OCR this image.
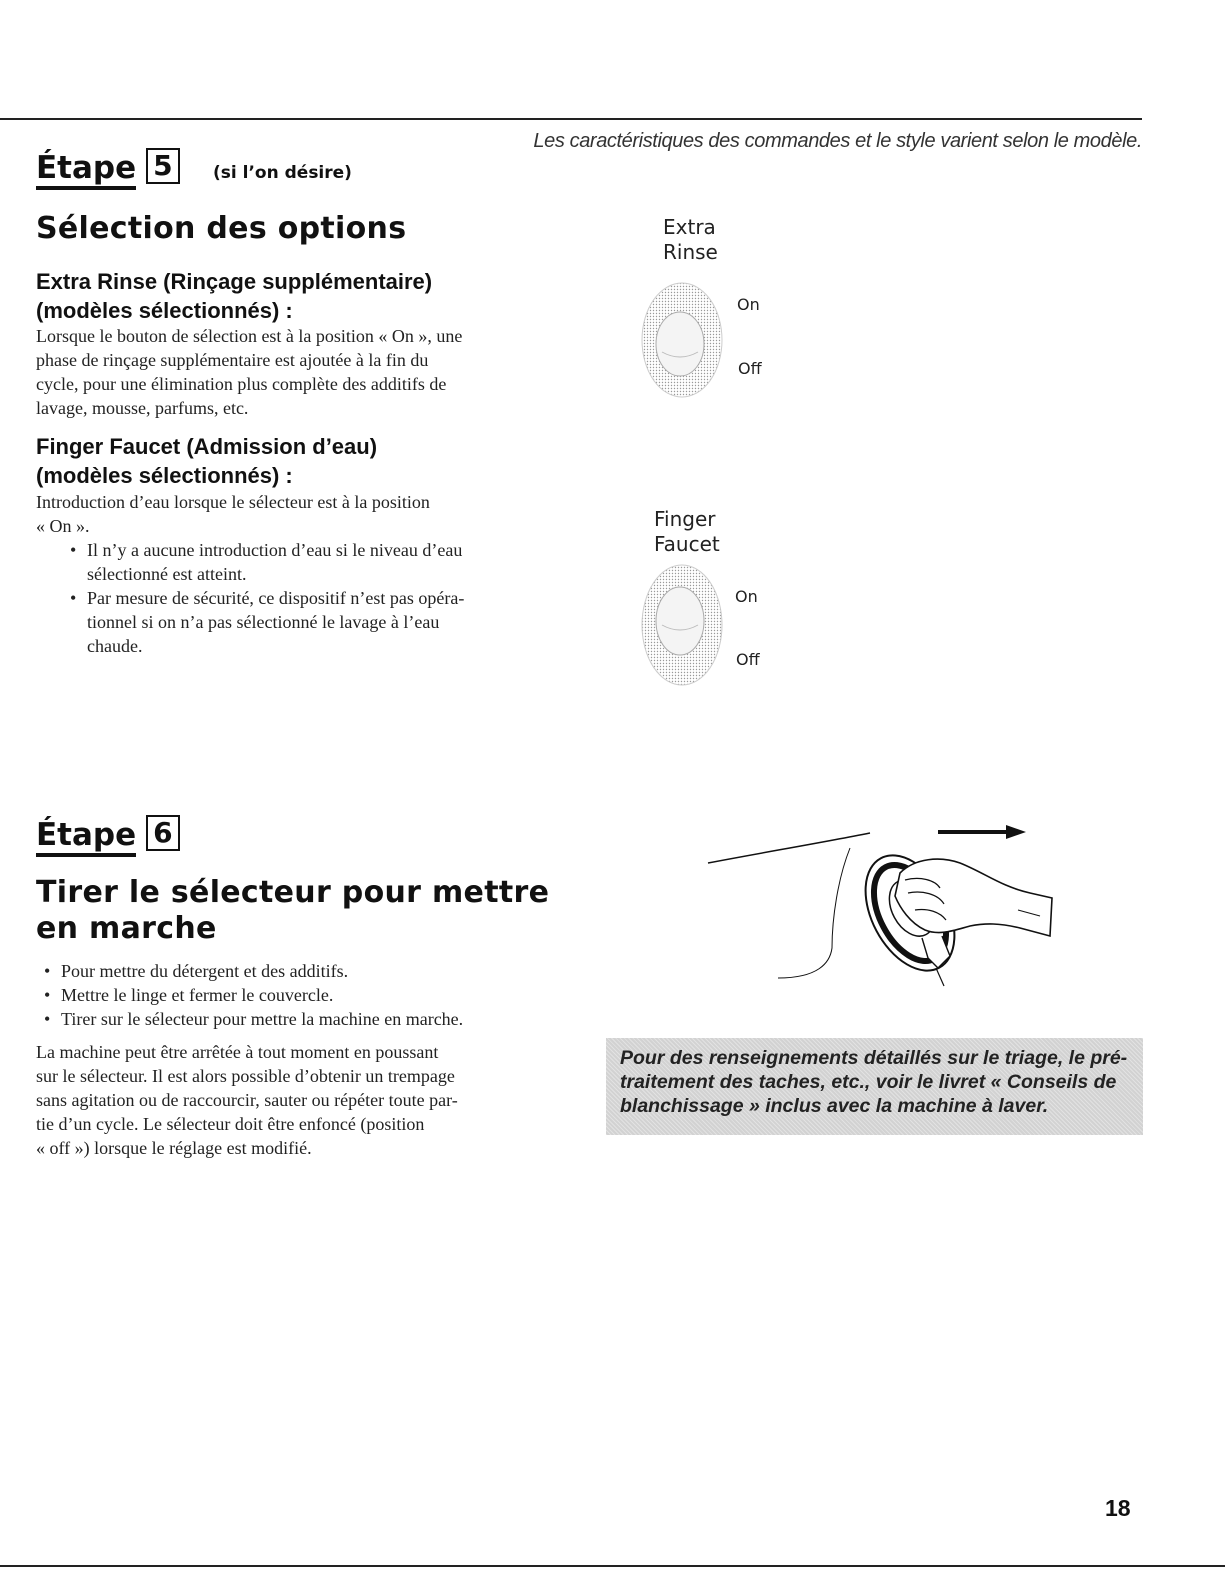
Les caractéristiques des commandes et le style varient selon le modèle.
Étape 5	(si l’on désire)
Sélection des options
Extra Rinse (Rinçage supplémentaire)
(modèles sélectionnés) :
Lorsque le bouton de sélection est à la position « On », une
phase de rinçage supplémentaire est ajoutée à la fin du
cycle, pour une élimination plus complète des additifs de
lavage, mousse, parfums, etc.
Finger Faucet (Admission d’eau)
(modèles sélectionnés) :
Introduction d’eau lorsque le sélecteur est à la position
« On ».
• Il n’y a aucune introduction d’eau si le niveau d’eau
sélectionné est atteint.
• Par mesure de sécurité, ce dispositif n’est pas opéra-
tionnel si on n’a pas sélectionné le lavage à l’eau
chaude.
Extra
Rinse
On
Off
Finger
Faucet
On
Off
Étape 6
Tirer le sélecteur pour mettre
en marche
• Pour mettre du détergent et des additifs.
• Mettre le linge et fermer le couvercle.
• Tirer sur le sélecteur pour mettre la machine en marche.
La machine peut être arrêtée à tout moment en poussant
sur le sélecteur. Il est alors possible d’obtenir un trempage
sans agitation ou de raccourcir, sauter ou répéter toute par-
tie d’un cycle. Le sélecteur doit être enfoncé (position
« off ») lorsque le réglage est modifié.
Pour des renseignements détaillés sur le triage, le pré-
traitement des taches, etc., voir le livret « Conseils de
blanchissage » inclus avec la machine à laver.
18
